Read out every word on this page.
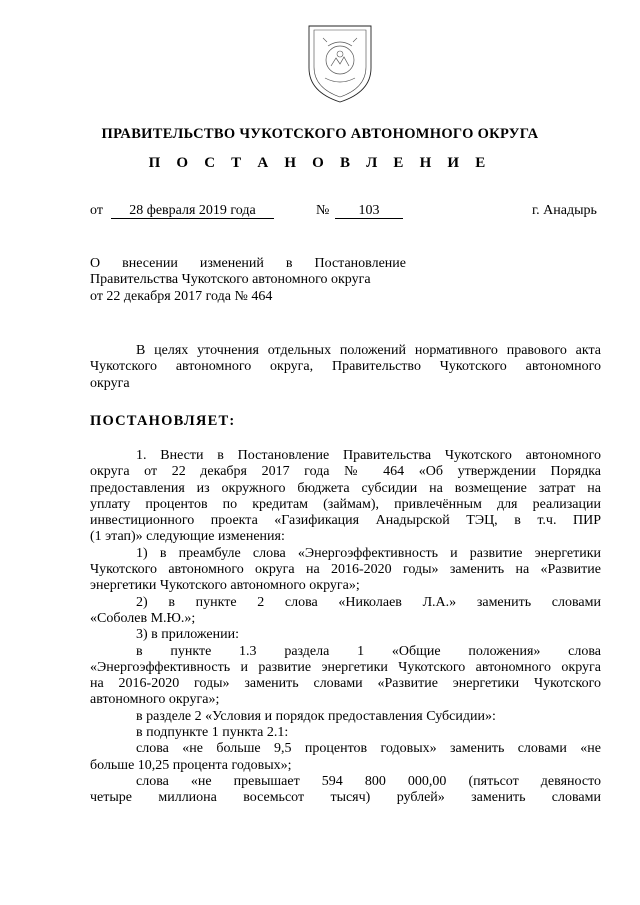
ПРАВИТЕЛЬСТВО ЧУКОТСКОГО АВТОНОМНОГО ОКРУГА
П О С Т А Н О В Л Е Н И Е
от	28 февраля 2019 года	№	103	г. Анадырь
О внесении изменений в Постановление
Правительства Чукотского автономного округа
от 22 декабря 2017 года № 464
В целях уточнения отдельных положений нормативного правового акта
Чукотского автономного округа, Правительство Чукотского автономного
округа
ПОСТАНОВЛЯЕТ:
1. Внести в Постановление Правительства Чукотского автономного
округа от 22 декабря 2017 года № 464 «Об утверждении Порядка
предоставления из окружного бюджета субсидии на возмещение затрат на
уплату процентов по кредитам (займам), привлечённым для реализации
инвестиционного проекта «Газификация Анадырской ТЭЦ, в т.ч. ПИР
(1 этап)» следующие изменения:
1) в преамбуле слова «Энергоэффективность и развитие энергетики
Чукотского автономного округа на 2016-2020 годы» заменить на «Развитие
энергетики Чукотского автономного округа»;
2) в пункте 2 слова «Николаев Л.А.» заменить словами
«Соболев М.Ю.»;
3) в приложении:
в пункте 1.3 раздела 1 «Общие положения» слова
«Энергоэффективность и развитие энергетики Чукотского автономного округа
на 2016-2020 годы» заменить словами «Развитие энергетики Чукотского
автономного округа»;
в разделе 2 «Условия и порядок предоставления Субсидии»:
в подпункте 1 пункта 2.1:
слова «не больше 9,5 процентов годовых» заменить словами «не
больше 10,25 процента годовых»;
слова «не превышает 594 800 000,00 (пятьсот девяносто
четыре миллиона восемьсот тысяч) рублей» заменить словами
